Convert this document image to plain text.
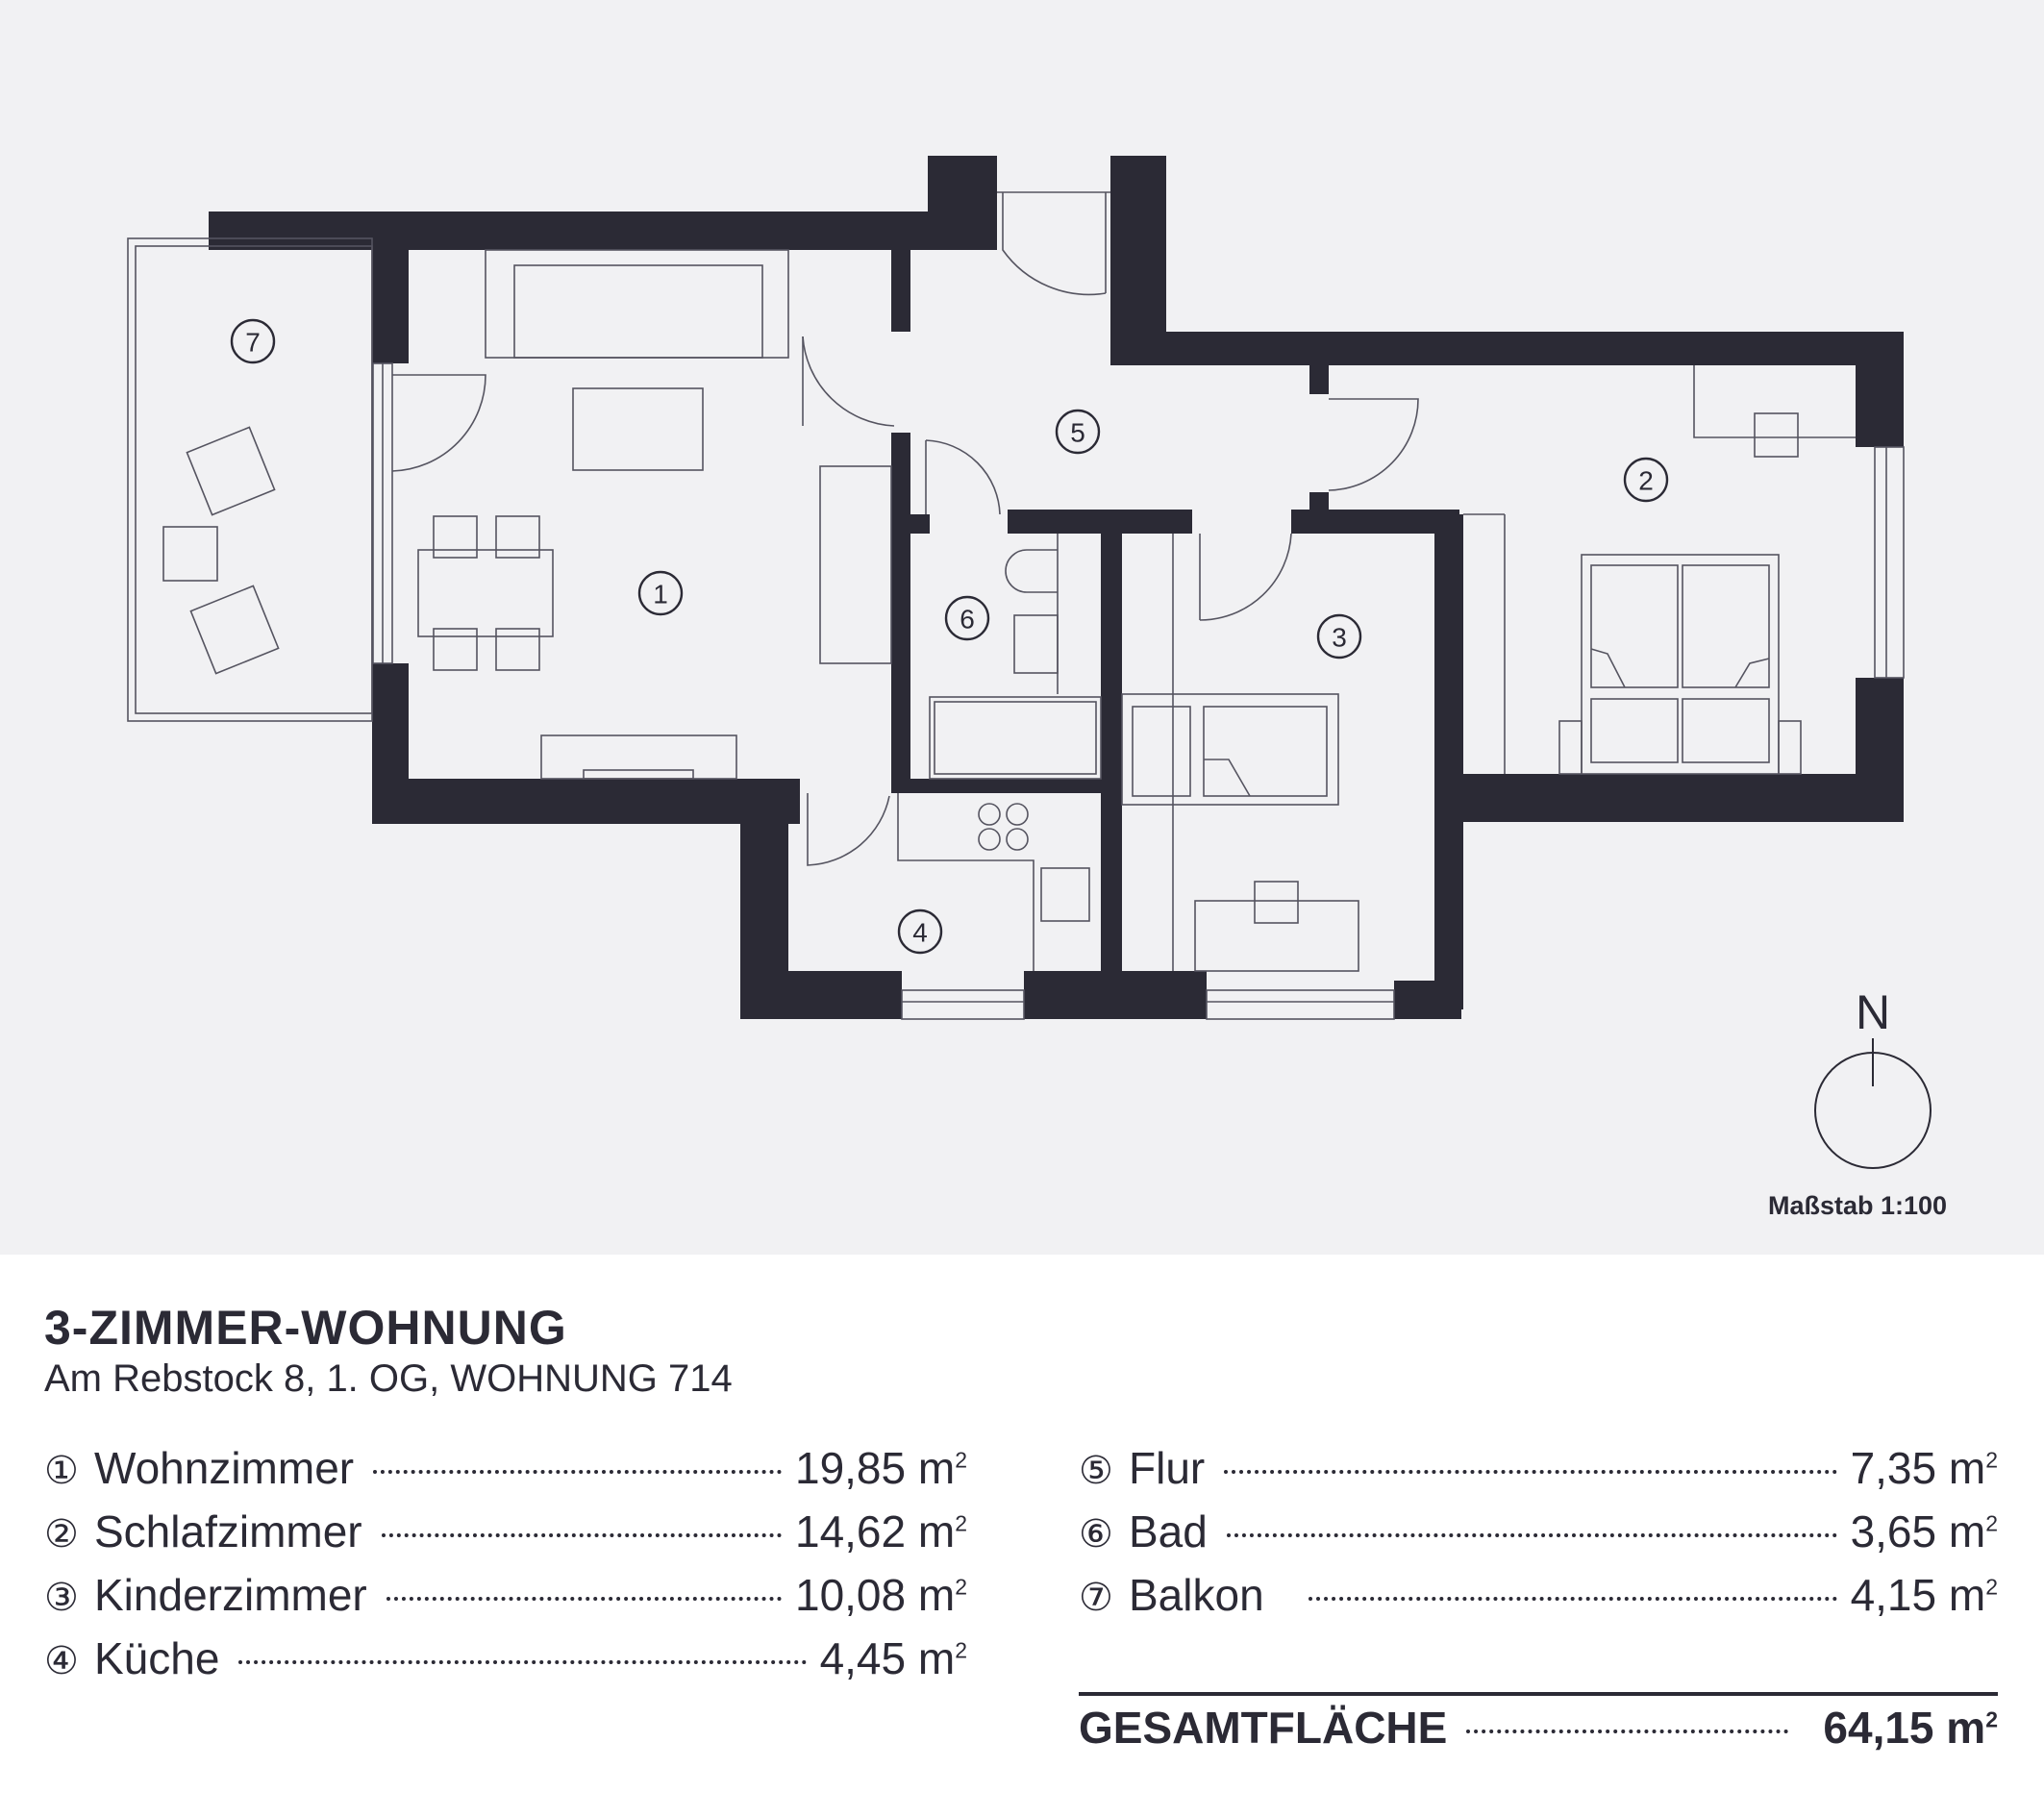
1
2
3
4
5
6
7
N
Maßstab 1:100
3-ZIMMER-WOHNUNG

Am Rebstock 8, 1. OG, WOHNUNG 714

① Wohnzimmer	19,85 $m^2$
② Schlafzimmer	14,62 $m^2$
③ Kinderzimmer	10,08 $m^2$
④ Küche	4,45 $m^2$
⑤ Flur	7,35 $m^2$
⑥ Bad	3,65 $m^2$
⑦ Balkon	4,15 $m^2$
GESAMTFLÄCHE	64,15 $m^2$
